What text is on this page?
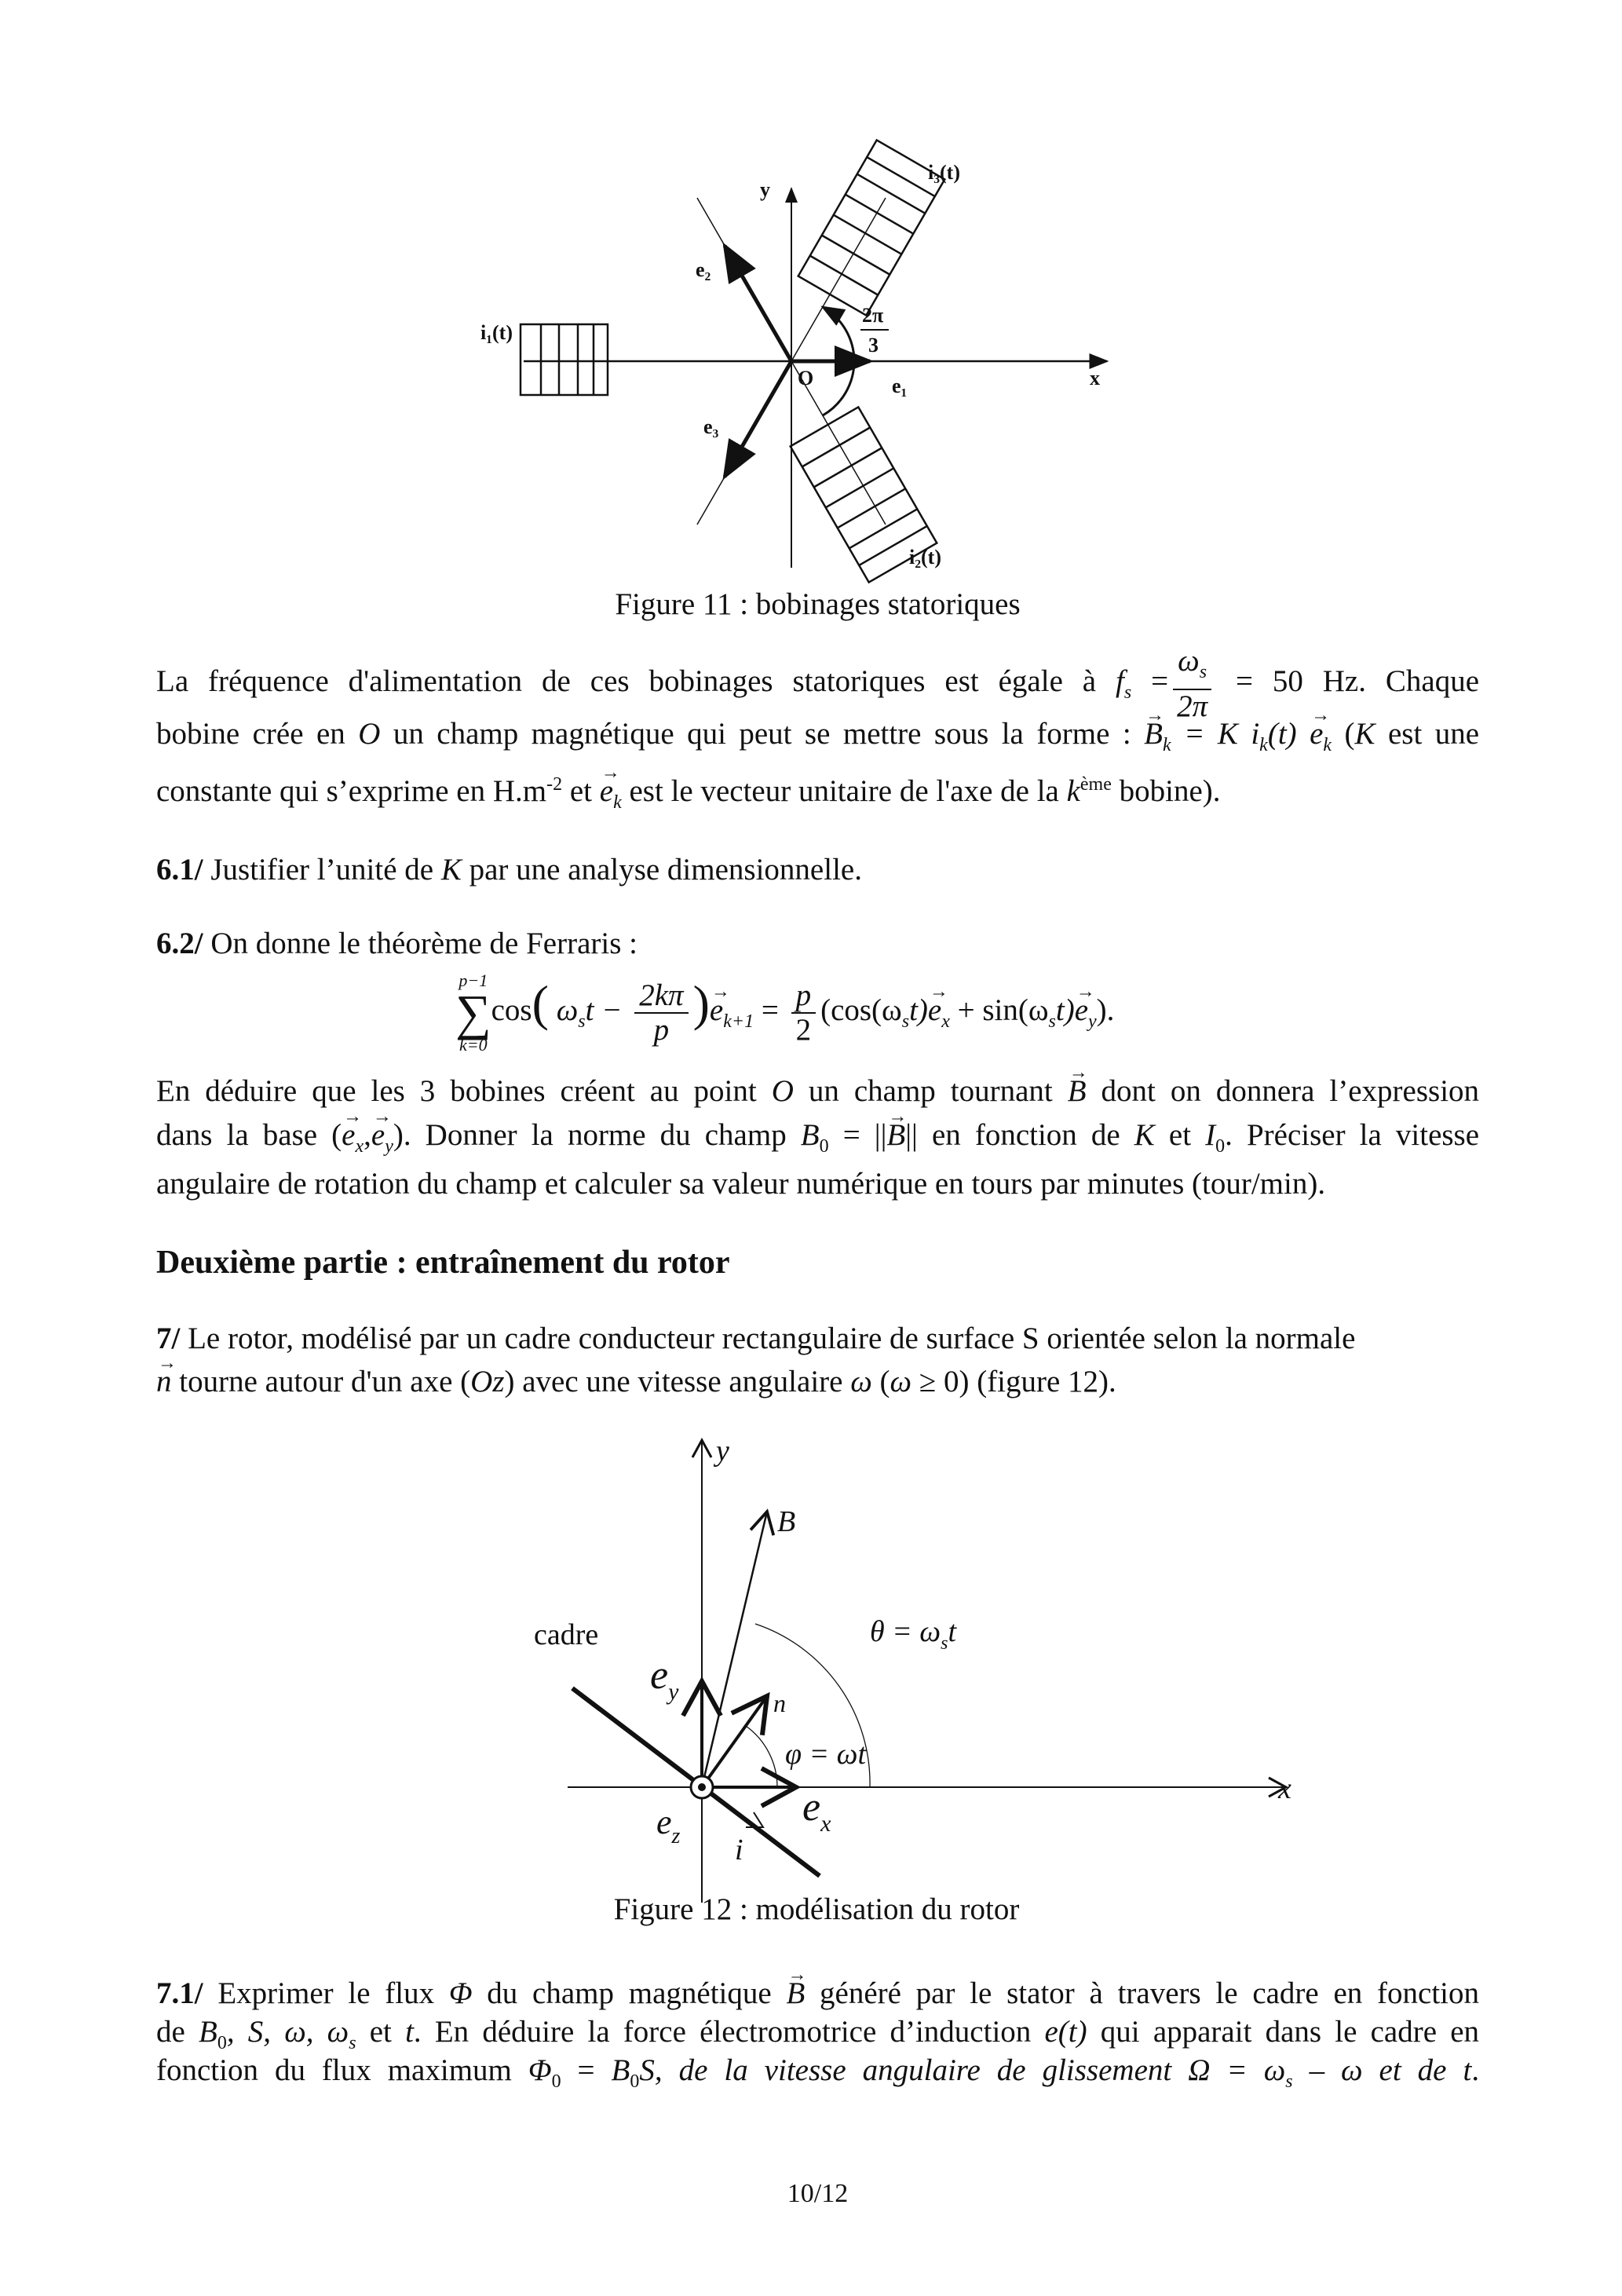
y
x
O	e₁
e₂
e₃
i₁(t)
i₂(t)
i₃(t)
2π
3
Figure 11 : bobinages statoriques
La fréquence d'alimentation de ces bobinages statoriques est égale à $f_s = \frac{\omega_s}{2\pi} = 50$ Hz. Chaque
bobine crée en O un champ magnétique qui peut se mettre sous la forme : → $B_k = K$ $i_k(t) \to e_k$ (K est une
constante qui s’exprime en $H.m^{-2}$ et → $e_k$ est le vecteur unitaire de l'axe de la $k^{ème}$ bobine).
6.1/ Justifier l’unité de K par une analyse dimensionnelle.
6.2/ On donne le théorème de Ferraris :
p−1
∑
k=0
cos( $\omega_st - \frac{2k\pi}{p}$ )→ $e_{k+1} = \frac{p}{2} (\cos(\omega_st)\to e_x + \sin(\omega_st)\to e_y)$.
En déduire que les 3 bobines créent au point O un champ tournant → B dont on donnera l’expression
dans la base (→ $e_x,\to e_y$). Donner la norme du champ $B_0$ = ||→ B|| en fonction de K et $I_0$. Préciser la vitesse
angulaire de rotation du champ et calculer sa valeur numérique en tours par minutes (tour/min).
Deuxième partie : entraînement du rotor
7/ Le rotor, modélisé par un cadre conducteur rectangulaire de surface S orientée selon la normale
→ n tourne autour d'un axe (Oz) avec une vitesse angulaire ω (ω ≥ 0) (figure 12).
y
x
B
$\theta = \omega_st$
cadre
$e_y$	n
φ = ωt
$e_x$
$e_z$ i
Figure 12 : modélisation du rotor
7.1/ Exprimer le flux Φ du champ magnétique → B généré par le stator à travers le cadre en fonction
de $B_0$, S, ω, $\omega_s$ et t. En déduire la force électromotrice d’induction e(t) qui apparait dans le cadre en
fonction du flux maximum $\Phi_0 = B_0S$, de la vitesse angulaire de glissement $\Omega = \omega_s - \omega$ et de t.
10/12
